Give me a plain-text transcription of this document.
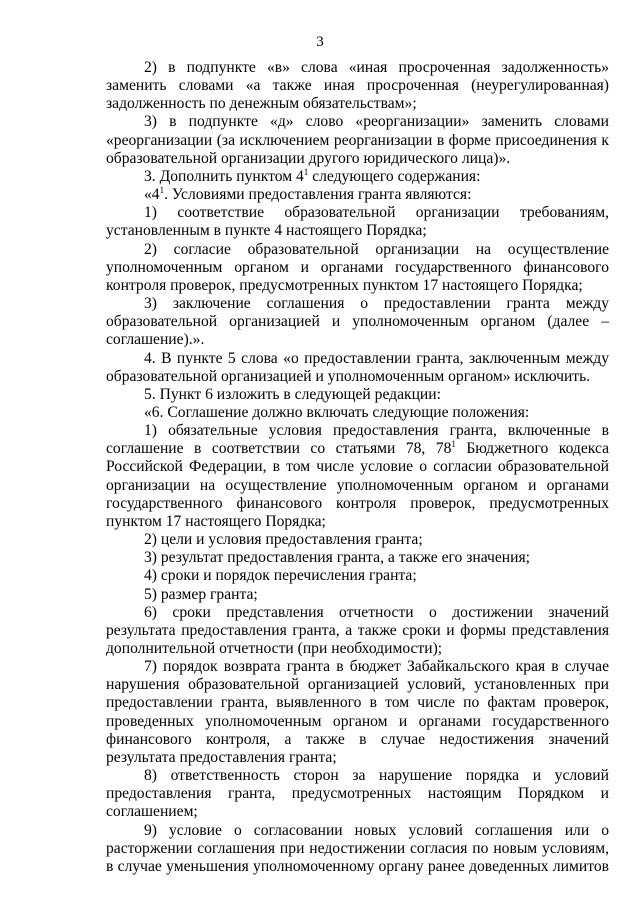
3

2) в подпункте «в» слова «иная просроченная задолженность» заменить словами «а также иная просроченная (неурегулированная) задолженность по денежным обязательствам»;

3) в подпункте «д» слово «реорганизации» заменить словами «реорганизации (за исключением реорганизации в форме присоединения к образовательной организации другого юридического лица)».

3. Дополнить пунктом $4^1$ следующего содержания:

«$4^1$. Условиями предоставления гранта являются:

1) соответствие образовательной организации требованиям, установленным в пункте 4 настоящего Порядка;

2) согласие образовательной организации на осуществление уполномоченным органом и органами государственного финансового контроля проверок, предусмотренных пунктом 17 настоящего Порядка;

3) заключение соглашения о предоставлении гранта между образовательной организацией и уполномоченным органом (далее – соглашение).».

4. В пункте 5 слова «о предоставлении гранта, заключенным между образовательной организацией и уполномоченным органом» исключить.

5. Пункт 6 изложить в следующей редакции:

«6. Соглашение должно включать следующие положения:

1) обязательные условия предоставления гранта, включенные в соглашение в соответствии со статьями 78, $78^1$ Бюджетного кодекса Российской Федерации, в том числе условие о согласии образовательной организации на осуществление уполномоченным органом и органами государственного финансового контроля проверок, предусмотренных пунктом 17 настоящего Порядка;

2) цели и условия предоставления гранта;

3) результат предоставления гранта, а также его значения;

4) сроки и порядок перечисления гранта;

5) размер гранта;

6) сроки представления отчетности о достижении значений результата предоставления гранта, а также сроки и формы представления дополнительной отчетности (при необходимости);

7) порядок возврата гранта в бюджет Забайкальского края в случае нарушения образовательной организацией условий, установленных при предоставлении гранта, выявленного в том числе по фактам проверок, проведенных уполномоченным органом и органами государственного финансового контроля, а также в случае недостижения значений результата предоставления гранта;

8) ответственность сторон за нарушение порядка и условий предоставления гранта, предусмотренных настоящим Порядком и соглашением;

9) условие о согласовании новых условий соглашения или о расторжении соглашения при недостижении согласия по новым условиям, в случае уменьшения уполномоченному органу ранее доведенных лимитов
